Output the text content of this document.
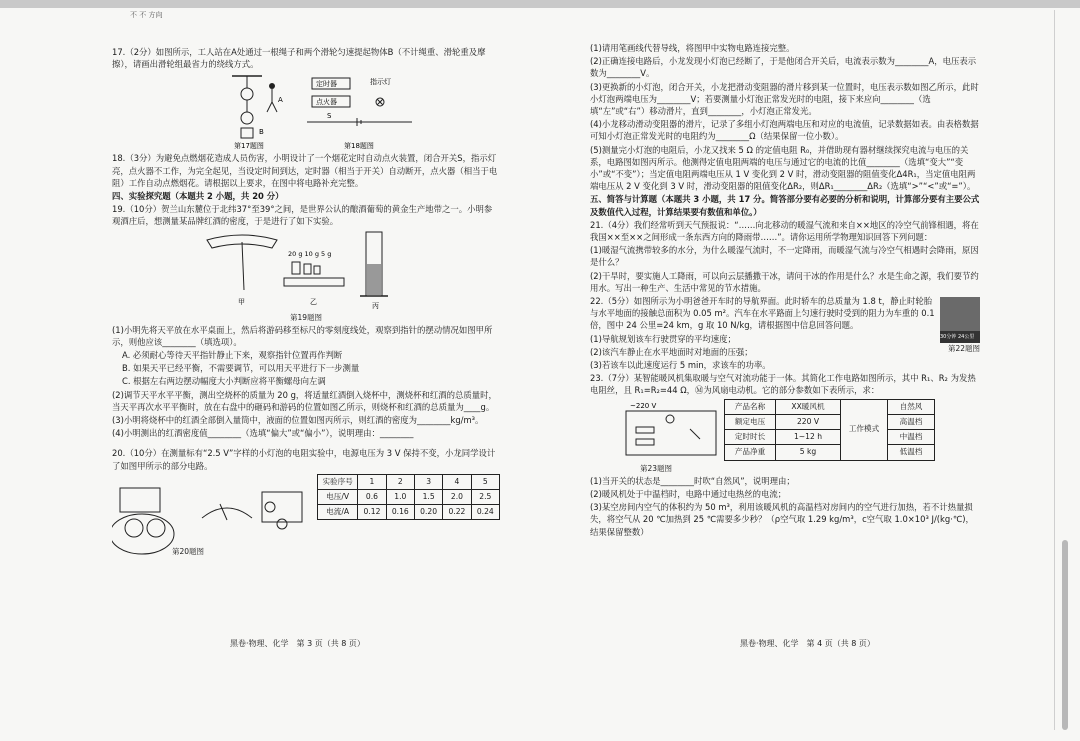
不 不 方向

17.（2分）如图所示，工人站在A处通过一根绳子和两个滑轮匀速提起物体B（不计绳重、滑轮重及摩擦），请画出滑轮组最省力的绕线方式。

B
A
第17题图
定时器
点火器
指示灯
S
第18题图

18.（3分）为避免点燃烟花造成人员伤害，小明设计了一个烟花定时自动点火装置，闭合开关S，指示灯亮，点火器不工作，为完全起见，当设定时间到达，定时器（相当于开关）自动断开，点火器（相当于电阻）工作自动点燃烟花。请根据以上要求，在图中将电路补充完整。

四、实验探究题（本题共 2 小题，共 20 分）

19.（10分）贺兰山东麓位于北纬37°至39°之间，是世界公认的酿酒葡萄的黄金生产地带之一。小明参观酒庄后，想测量某品牌红酒的密度，于是进行了如下实验。

甲
20 g 10 g 5 g
乙	丙
第19题图

(1)小明先将天平放在水平桌面上，然后将游码移至标尺的零刻度线处，观察到指针的摆动情况如图甲所示，则他应该________（填选项）。

A. 必须耐心等待天平指针静止下来，观察指针位置再作判断

B. 如果天平已经平衡，不需要调节，可以用天平进行下一步测量

C. 根据左右两边摆动幅度大小判断应将平衡螺母向左调

(2)调节天平水平平衡，测出空烧杯的质量为 20 g，将适量红酒倒入烧杯中，测烧杯和红酒的总质量时，当天平再次水平平衡时，放在右盘中的砸码和游码的位置如图乙所示，则烧杯和红酒的总质量为____g。

(3)小明将烧杯中的红酒全部倒入量筒中，液面的位置如图丙所示，则红酒的密度为________kg/m³。

(4)小明测出的红酒密度值________（选填“偏大”或“偏小”），说明理由：________

20.（10分）在测量标有“2.5 V”字样的小灯泡的电阻实验中，电源电压为 3 V 保持不变，小龙同学设计了如图甲所示的部分电路。

第20题图
实验序号	1	2	3	4	5
电压/V	0.6	1.0	1.5	2.0	2.5
电流/A	0.12	0.16	0.20	0.22	0.24
黑卷·物理、化学　第 3 页（共 8 页）

(1)请用笔画线代替导线，将图甲中实物电路连接完整。

(2)正确连接电路后，小龙发现小灯泡已经断了，于是他闭合开关后，电流表示数为________A，电压表示数为________V。

(3)更换新的小灯泡，闭合开关，小龙把滑动变阻器的滑片移到某一位置时，电压表示数如图乙所示，此时小灯泡两端电压为________V；若要测量小灯泡正常发光时的电阻，接下来应向________（选填“左”或“右”）移动滑片，直到________，小灯泡正常发光。

(4)小龙移动滑动变阻器的滑片，记录了多组小灯泡两端电压和对应的电流值，记录数据如表。由表格数据可知小灯泡正常发光时的电阻约为________Ω（结果保留一位小数）。

(5)测量完小灯泡的电阻后，小龙又找来 5 Ω 的定值电阻 R₀，并借助现有器材继续探究电流与电压的关系，电路图如图丙所示。他测得定值电阻两端的电压与通过它的电流的比值________（选填“变大”“变小”或“不变”）；当定值电阻两端电压从 1 V 变化到 2 V 时，滑动变阻器的阻值变化Δ4R₁，当定值电阻两端电压从 2 V 变化到 3 V 时，滑动变阻器的阻值变化ΔR₂，则ΔR₁________ΔR₂（选填“>”“<”或“=”）。

五、简答与计算题（本题共 3 小题，共 17 分。简答部分要有必要的分析和说明，计算部分要有主要公式及数值代入过程，计算结果要有数值和单位。）

21.（4分）我们经常听到天气预报说：“……向北移动的暖湿气流和来自××地区的冷空气前锋相遇，将在我国××至××之间形成一条东西方向的降雨带……”。请你运用所学物理知识回答下列问题：

(1)暖湿气流携带较多的水分，为什么暖湿气流时，不一定降雨，而暖湿气流与冷空气相遇时会降雨，原因是什么？

(2)干旱时，要实施人工降雨，可以向云层播撒干冰，请问干冰的作用是什么？水是生命之源，我们要节约用水。写出一种生产、生活中常见的节水措施。

22.（5分）如图所示为小明爸爸开车时的导航界面。此时轿车的总质量为 1.8 t，静止时轮胎与水平地面的接触总面积为 0.05 m²。汽车在水平路面上匀速行驶时受到的阻力为车重的 0.1 倍，图中 24 公里=24 km，g 取 10 N/kg，请根据图中信息回答问题。

30分钟 24公里

(1)导航规划该车行驶贯穿的平均速度；

(2)该汽车静止在水平地面时对地面的压强；

(3)若该车以此速度运行 5 min，求该车的功率。

第22题图

23.（7分）某智能暖风机集取暖与空气对流功能于一体。其简化工作电路如图所示，其中 R₁、R₂ 为发热电阻丝，且 R₁=R₂=44 Ω，Ⓜ为风扇电动机。它的部分参数如下表所示，求：

~220 V
第23题图
产品名称	XX暖风机	工作模式	自然风
额定电压	220 V		高温档
定时时长	1~12 h		中温档
产品净重	5 kg		低温档

(1)当开关的状态是________时吹“自然风”，说明理由；

(2)暖风机处于中温档时，电路中通过电热丝的电流；

(3)某空房间内空气的体积约为 50 m³，利用该暖风机的高温档对房间内的空气进行加热，若不计热量损失，将空气从 20 ℃加热到 25 ℃需要多少秒？（ρ空气取 1.29 kg/m³，c空气取 1.0×10³ J/(kg·℃)，结果保留整数）

黑卷·物理、化学　第 4 页（共 8 页）
